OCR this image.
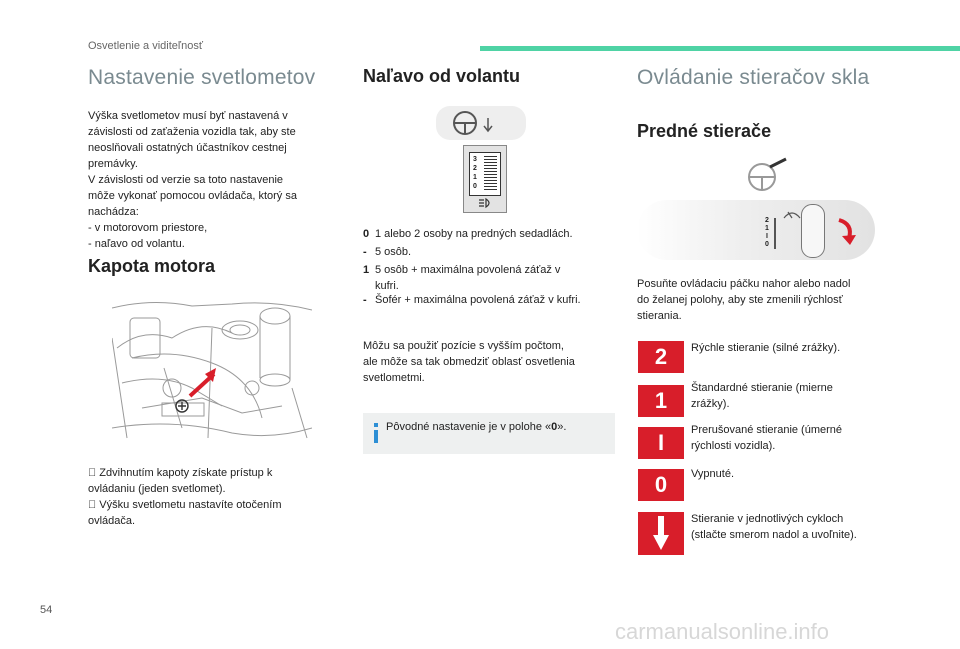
Osvetlenie a viditeľnosť
Nastavenie svetlometov
Výška svetlometov musí byť nastavená v
závislosti od zaťaženia vozidla tak, aby ste
neoslňovali ostatných účastníkov cestnej
premávky.
V závislosti od verzie sa toto nastavenie
môže vykonať pomocou ovládača, ktorý sa
nachádza:
- v motorovom priestore,
- naľavo od volantu.
Kapota motora
Zdvihnutím kapoty získate prístup k
ovládaniu (jeden svetlomet).
Výšku svetlometu nastavíte otočením
ovládača.
Naľavo od volantu
3
2
1
0
0 1 alebo 2 osoby na predných sedadlách.
- 5 osôb.
1 5 osôb + maximálna povolená záťaž v
kufri.
- Šofér + maximálna povolená záťaž v kufri.
Môžu sa použiť pozície s vyšším počtom,
ale môže sa tak obmedziť oblasť osvetlenia
svetlometmi.
Pôvodné nastavenie je v polohe «0».
Ovládanie stieračov skla
Predné stierače
2
1
I
0
Posuňte ovládaciu páčku nahor alebo nadol
do želanej polohy, aby ste zmenili rýchlosť
stierania.
2	Rýchle stieranie (silné zrážky).
1	Štandardné stieranie (mierne
zrážky).
I	Prerušované stieranie (úmerné
rýchlosti vozidla).
0	Vypnuté.
Stieranie v jednotlivých cykloch
(stlačte smerom nadol a uvoľnite).
54
carmanualsonline.info
